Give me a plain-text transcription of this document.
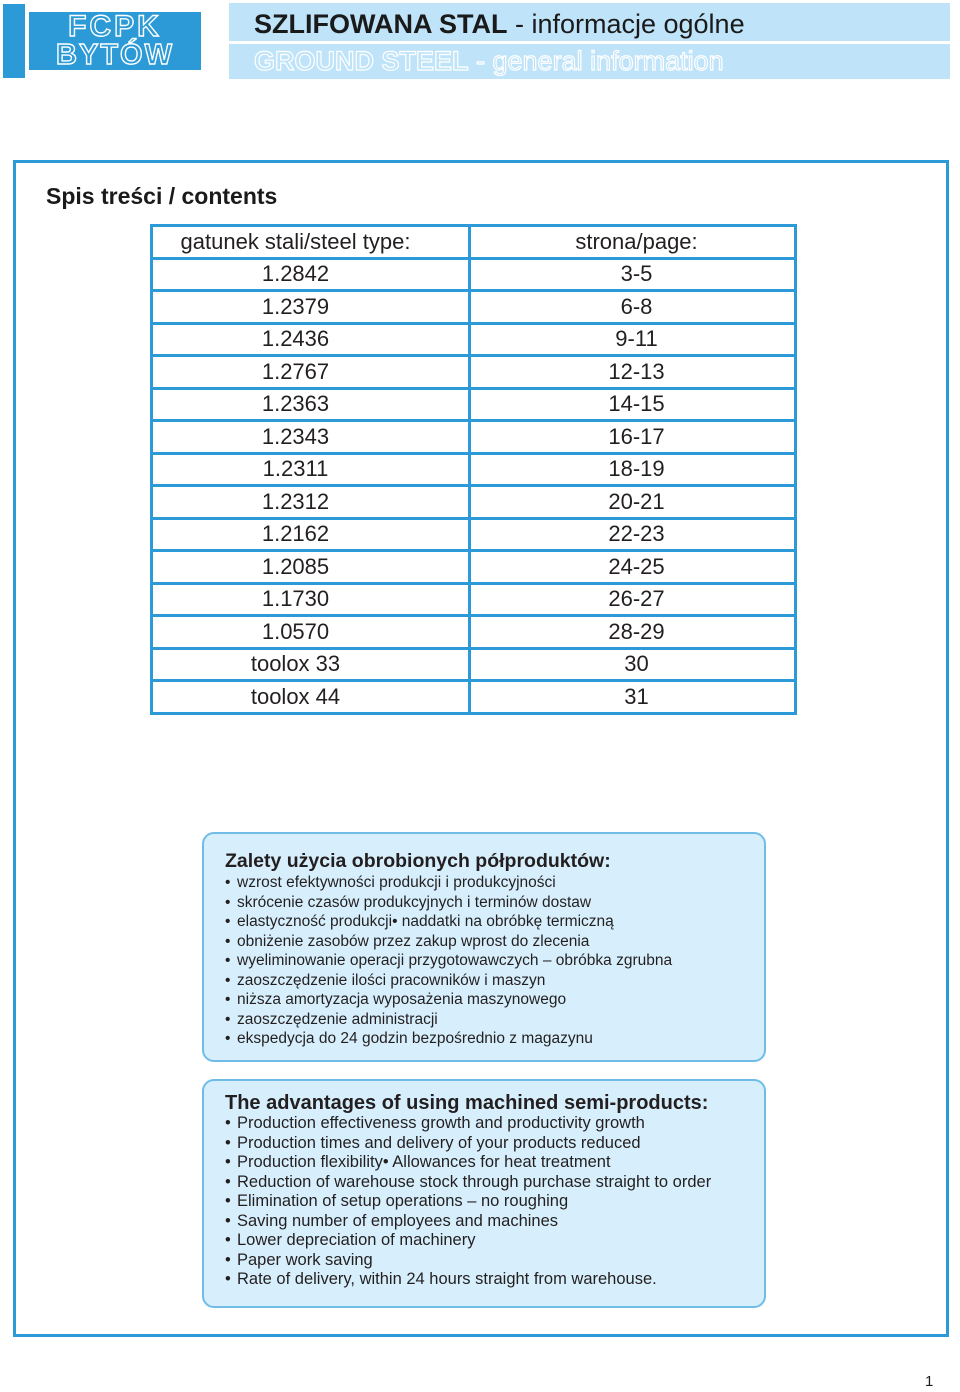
FCPK
BYTÓW
SZLIFOWANA STAL - informacje ogólne
GROUND STEEL - general information
Spis treści / contents
gatunek stali/steel type:	strona/page:
1.2842	3-5
1.2379	6-8
1.2436	9-11
1.2767	12-13
1.2363	14-15
1.2343	16-17
1.2311	18-19
1.2312	20-21
1.2162	22-23
1.2085	24-25
1.1730	26-27
1.0570	28-29
toolox 33	30
toolox 44	31
Zalety użycia obrobionych półproduktów:
• wzrost efektywności produkcji i produkcyjności
• skrócenie czasów produkcyjnych i terminów dostaw
• elastyczność produkcji• naddatki na obróbkę termiczną
• obniżenie zasobów przez zakup wprost do zlecenia
• wyeliminowanie operacji przygotowawczych – obróbka zgrubna
• zaoszczędzenie ilości pracowników i maszyn
• niższa amortyzacja wyposażenia maszynowego
• zaoszczędzenie administracji
• ekspedycja do 24 godzin bezpośrednio z magazynu
The advantages of using machined semi-products:
• Production effectiveness growth and productivity growth
• Production times and delivery of your products reduced
• Production flexibility• Allowances for heat treatment
• Reduction of warehouse stock through purchase straight to order
• Elimination of setup operations – no roughing
• Saving number of employees and machines
• Lower depreciation of machinery
• Paper work saving
• Rate of delivery, within 24 hours straight from warehouse.
1
